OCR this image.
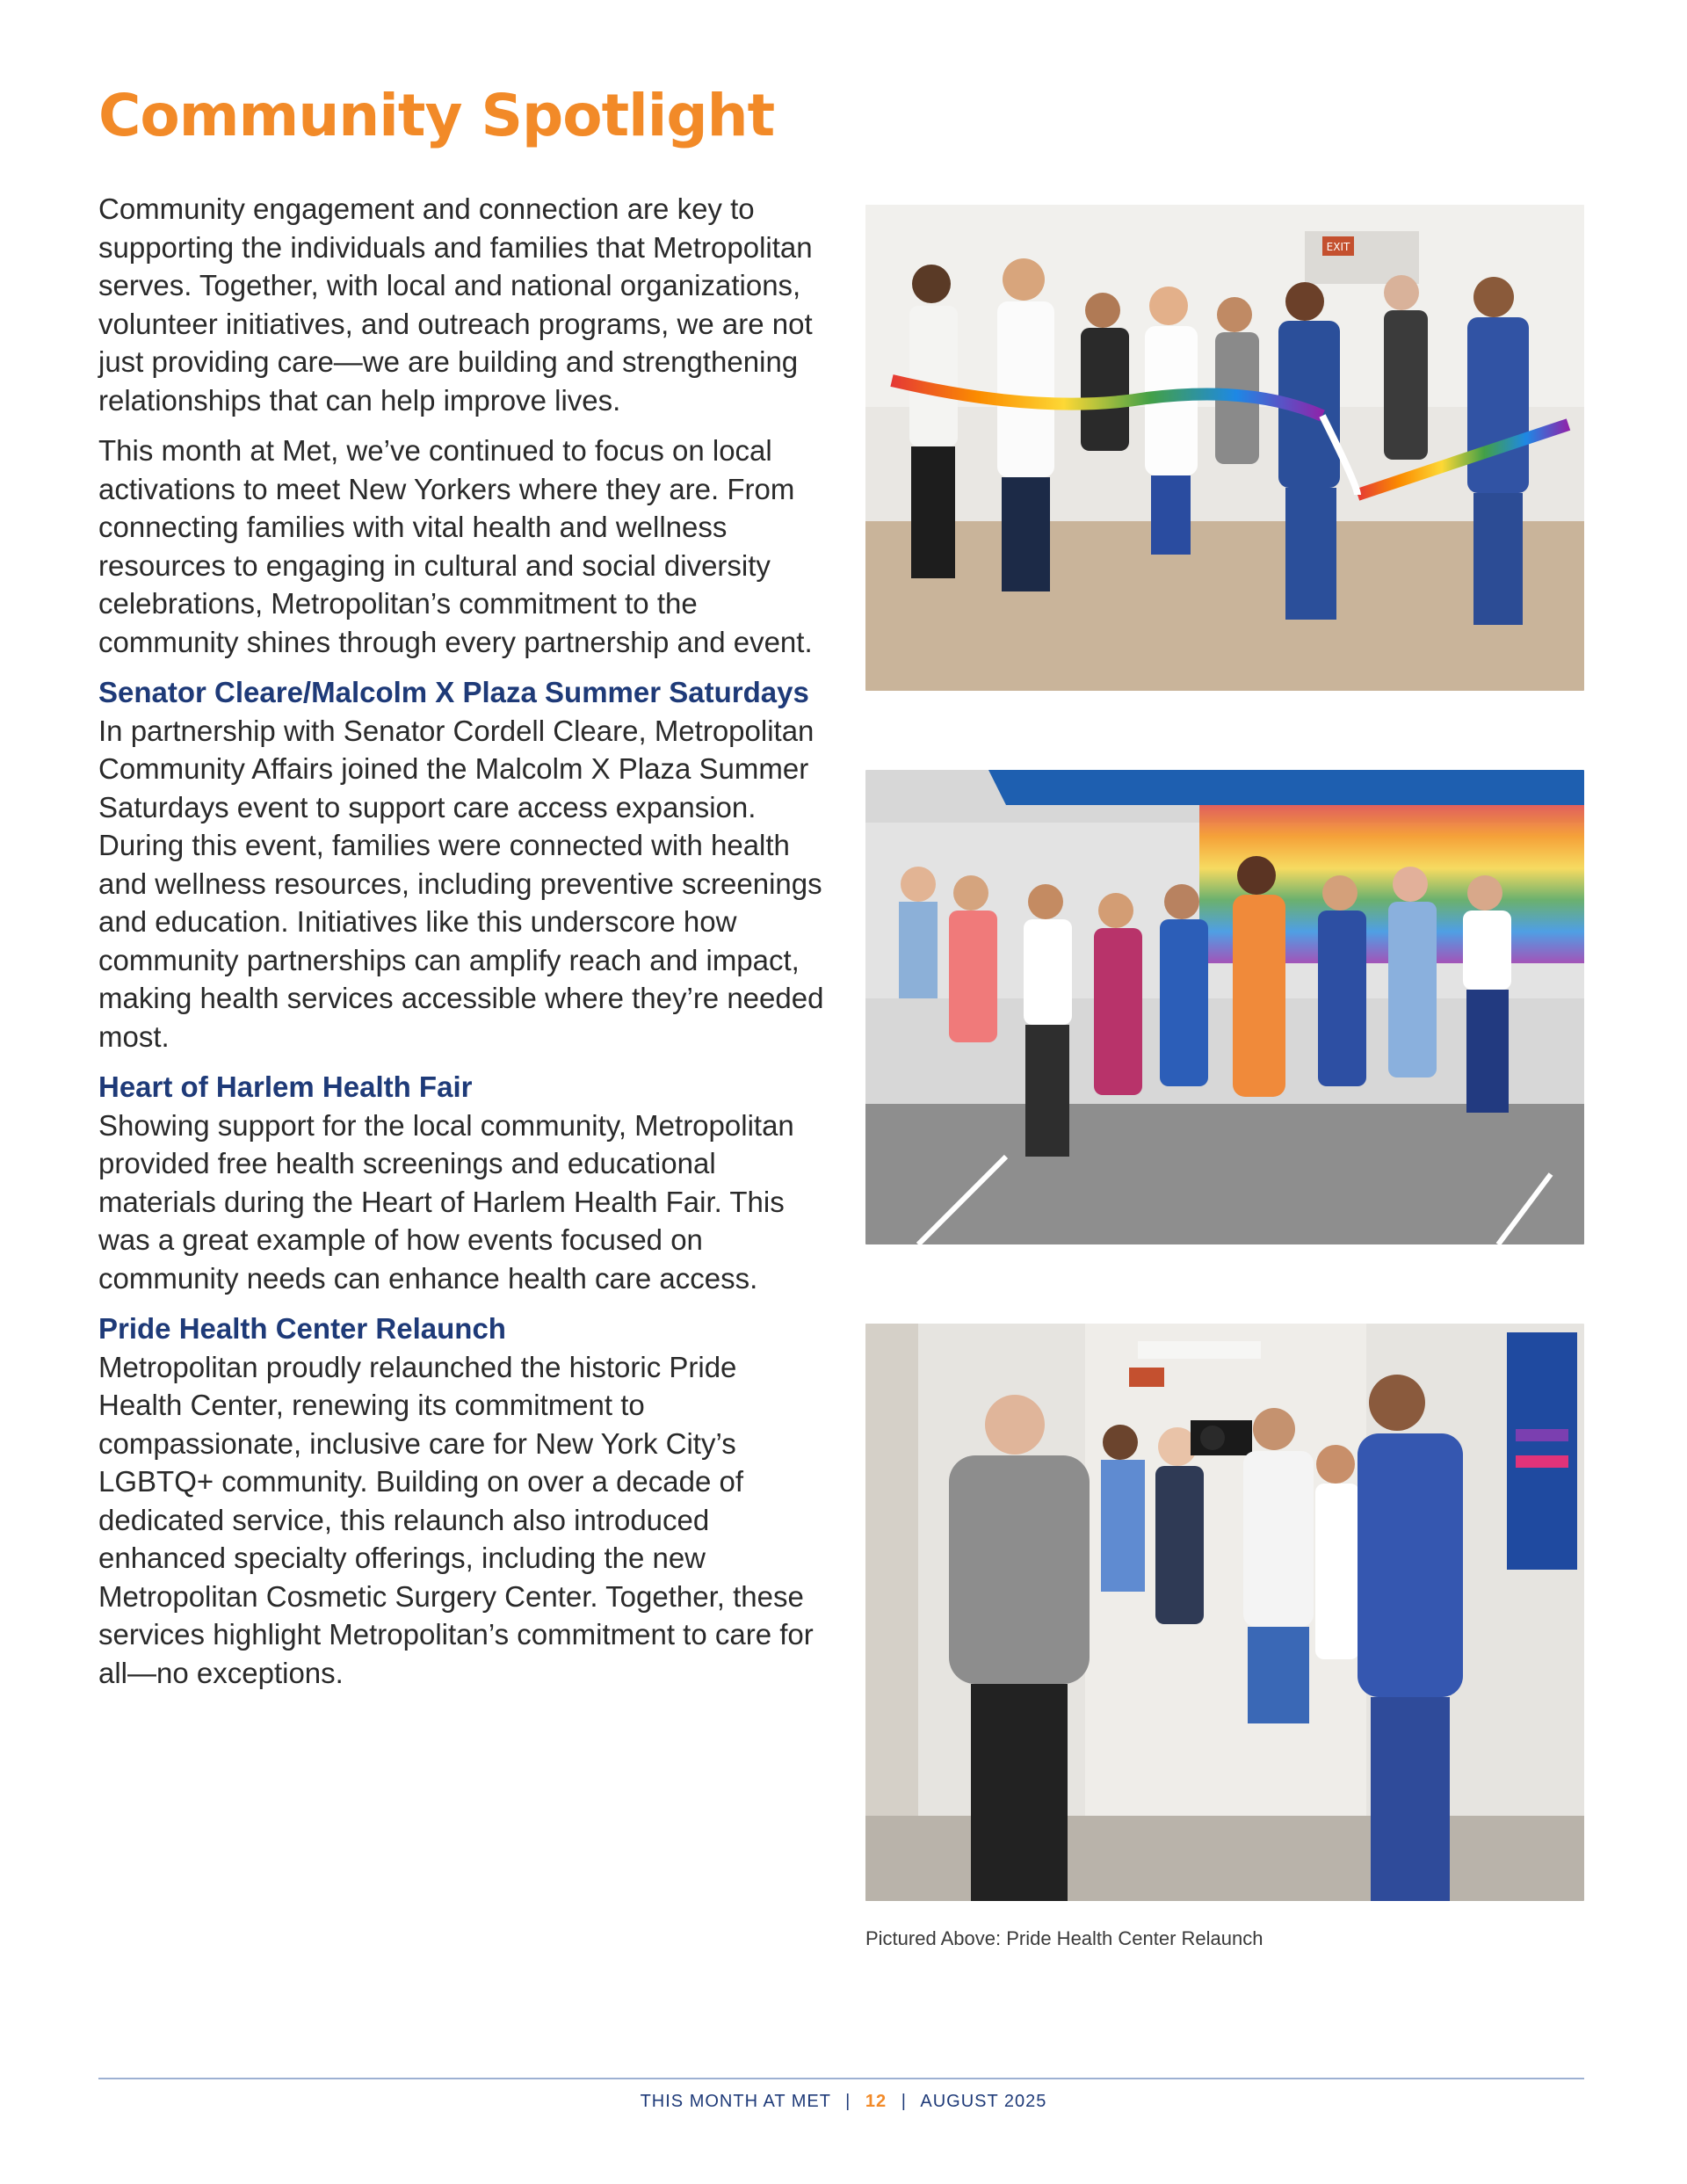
Community Spotlight

Community engagement and connection are key to supporting the individuals and families that Metropolitan serves. Together, with local and national organizations, volunteer initiatives, and outreach programs, we are not just providing care—we are building and strengthening relationships that can help improve lives.

This month at Met, we’ve continued to focus on local activations to meet New Yorkers where they are. From connecting families with vital health and wellness resources to engaging in cultural and social diversity celebrations, Metropolitan’s commitment to the community shines through every partnership and event.

Senator Cleare/Malcolm X Plaza Summer Saturdays

In partnership with Senator Cordell Cleare, Metropolitan Community Affairs joined the Malcolm X Plaza Summer Saturdays event to support care access expansion. During this event, families were connected with health and wellness resources, including preventive screenings and education. Initiatives like this underscore how community partnerships can amplify reach and impact, making health services accessible where they’re needed most.

Heart of Harlem Health Fair

Showing support for the local community, Metropolitan provided free health screenings and educational materials during the Heart of Harlem Health Fair. This was a great example of how events focused on community needs can enhance health care access.

Pride Health Center Relaunch

Metropolitan proudly relaunched the historic Pride Health Center, renewing its commitment to compassionate, inclusive care for New York City’s LGBTQ+ community. Building on over a decade of dedicated service, this relaunch also introduced enhanced specialty offerings, including the new Metropolitan Cosmetic Surgery Center. Together, these services highlight Metropolitan’s commitment to care for all—no exceptions.

EXIT
Pictured Above: Pride Health Center Relaunch
THIS MONTH AT MET | 12 | AUGUST 2025
